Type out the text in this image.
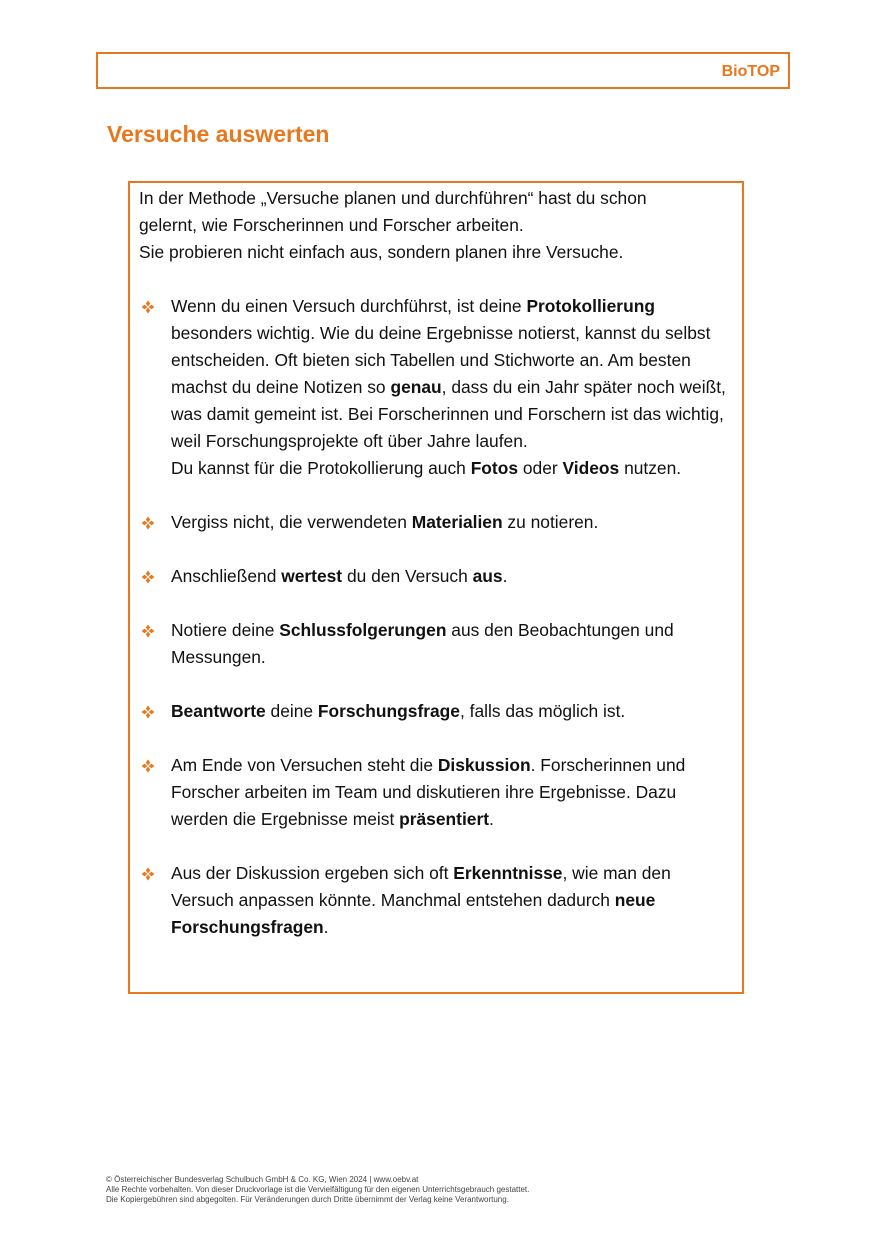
BioTOP
Versuche auswerten

In der Methode „Versuche planen und durchführen“ hast du schon
gelernt, wie Forscherinnen und Forscher arbeiten.
Sie probieren nicht einfach aus, sondern planen ihre Versuche.

Wenn du einen Versuch durchführst, ist deine Protokollierung besonders wichtig. Wie du deine Ergebnisse notierst, kannst du selbst entscheiden. Oft bieten sich Tabellen und Stichworte an. Am besten machst du deine Notizen so genau, dass du ein Jahr später noch weißt, was damit gemeint ist. Bei Forscherinnen und Forschern ist das wichtig, weil Forschungsprojekte oft über Jahre laufen.

Du kannst für die Protokollierung auch Fotos oder Videos nutzen.

Vergiss nicht, die verwendeten Materialien zu notieren.

Anschließend wertest du den Versuch aus.

Notiere deine Schlussfolgerungen aus den Beobachtungen und Messungen.

Beantworte deine Forschungsfrage, falls das möglich ist.

Am Ende von Versuchen steht die Diskussion. Forscherinnen und Forscher arbeiten im Team und diskutieren ihre Ergebnisse. Dazu werden die Ergebnisse meist präsentiert.

Aus der Diskussion ergeben sich oft Erkenntnisse, wie man den Versuch anpassen könnte. Manchmal entstehen dadurch neue Forschungsfragen.

© Österreichischer Bundesverlag Schulbuch GmbH & Co. KG, Wien 2024 | www.oebv.at
Alle Rechte vorbehalten. Von dieser Druckvorlage ist die Vervielfältigung für den eigenen Unterrichtsgebrauch gestattet.
Die Kopiergebühren sind abgegolten. Für Veränderungen durch Dritte übernimmt der Verlag keine Verantwortung.
